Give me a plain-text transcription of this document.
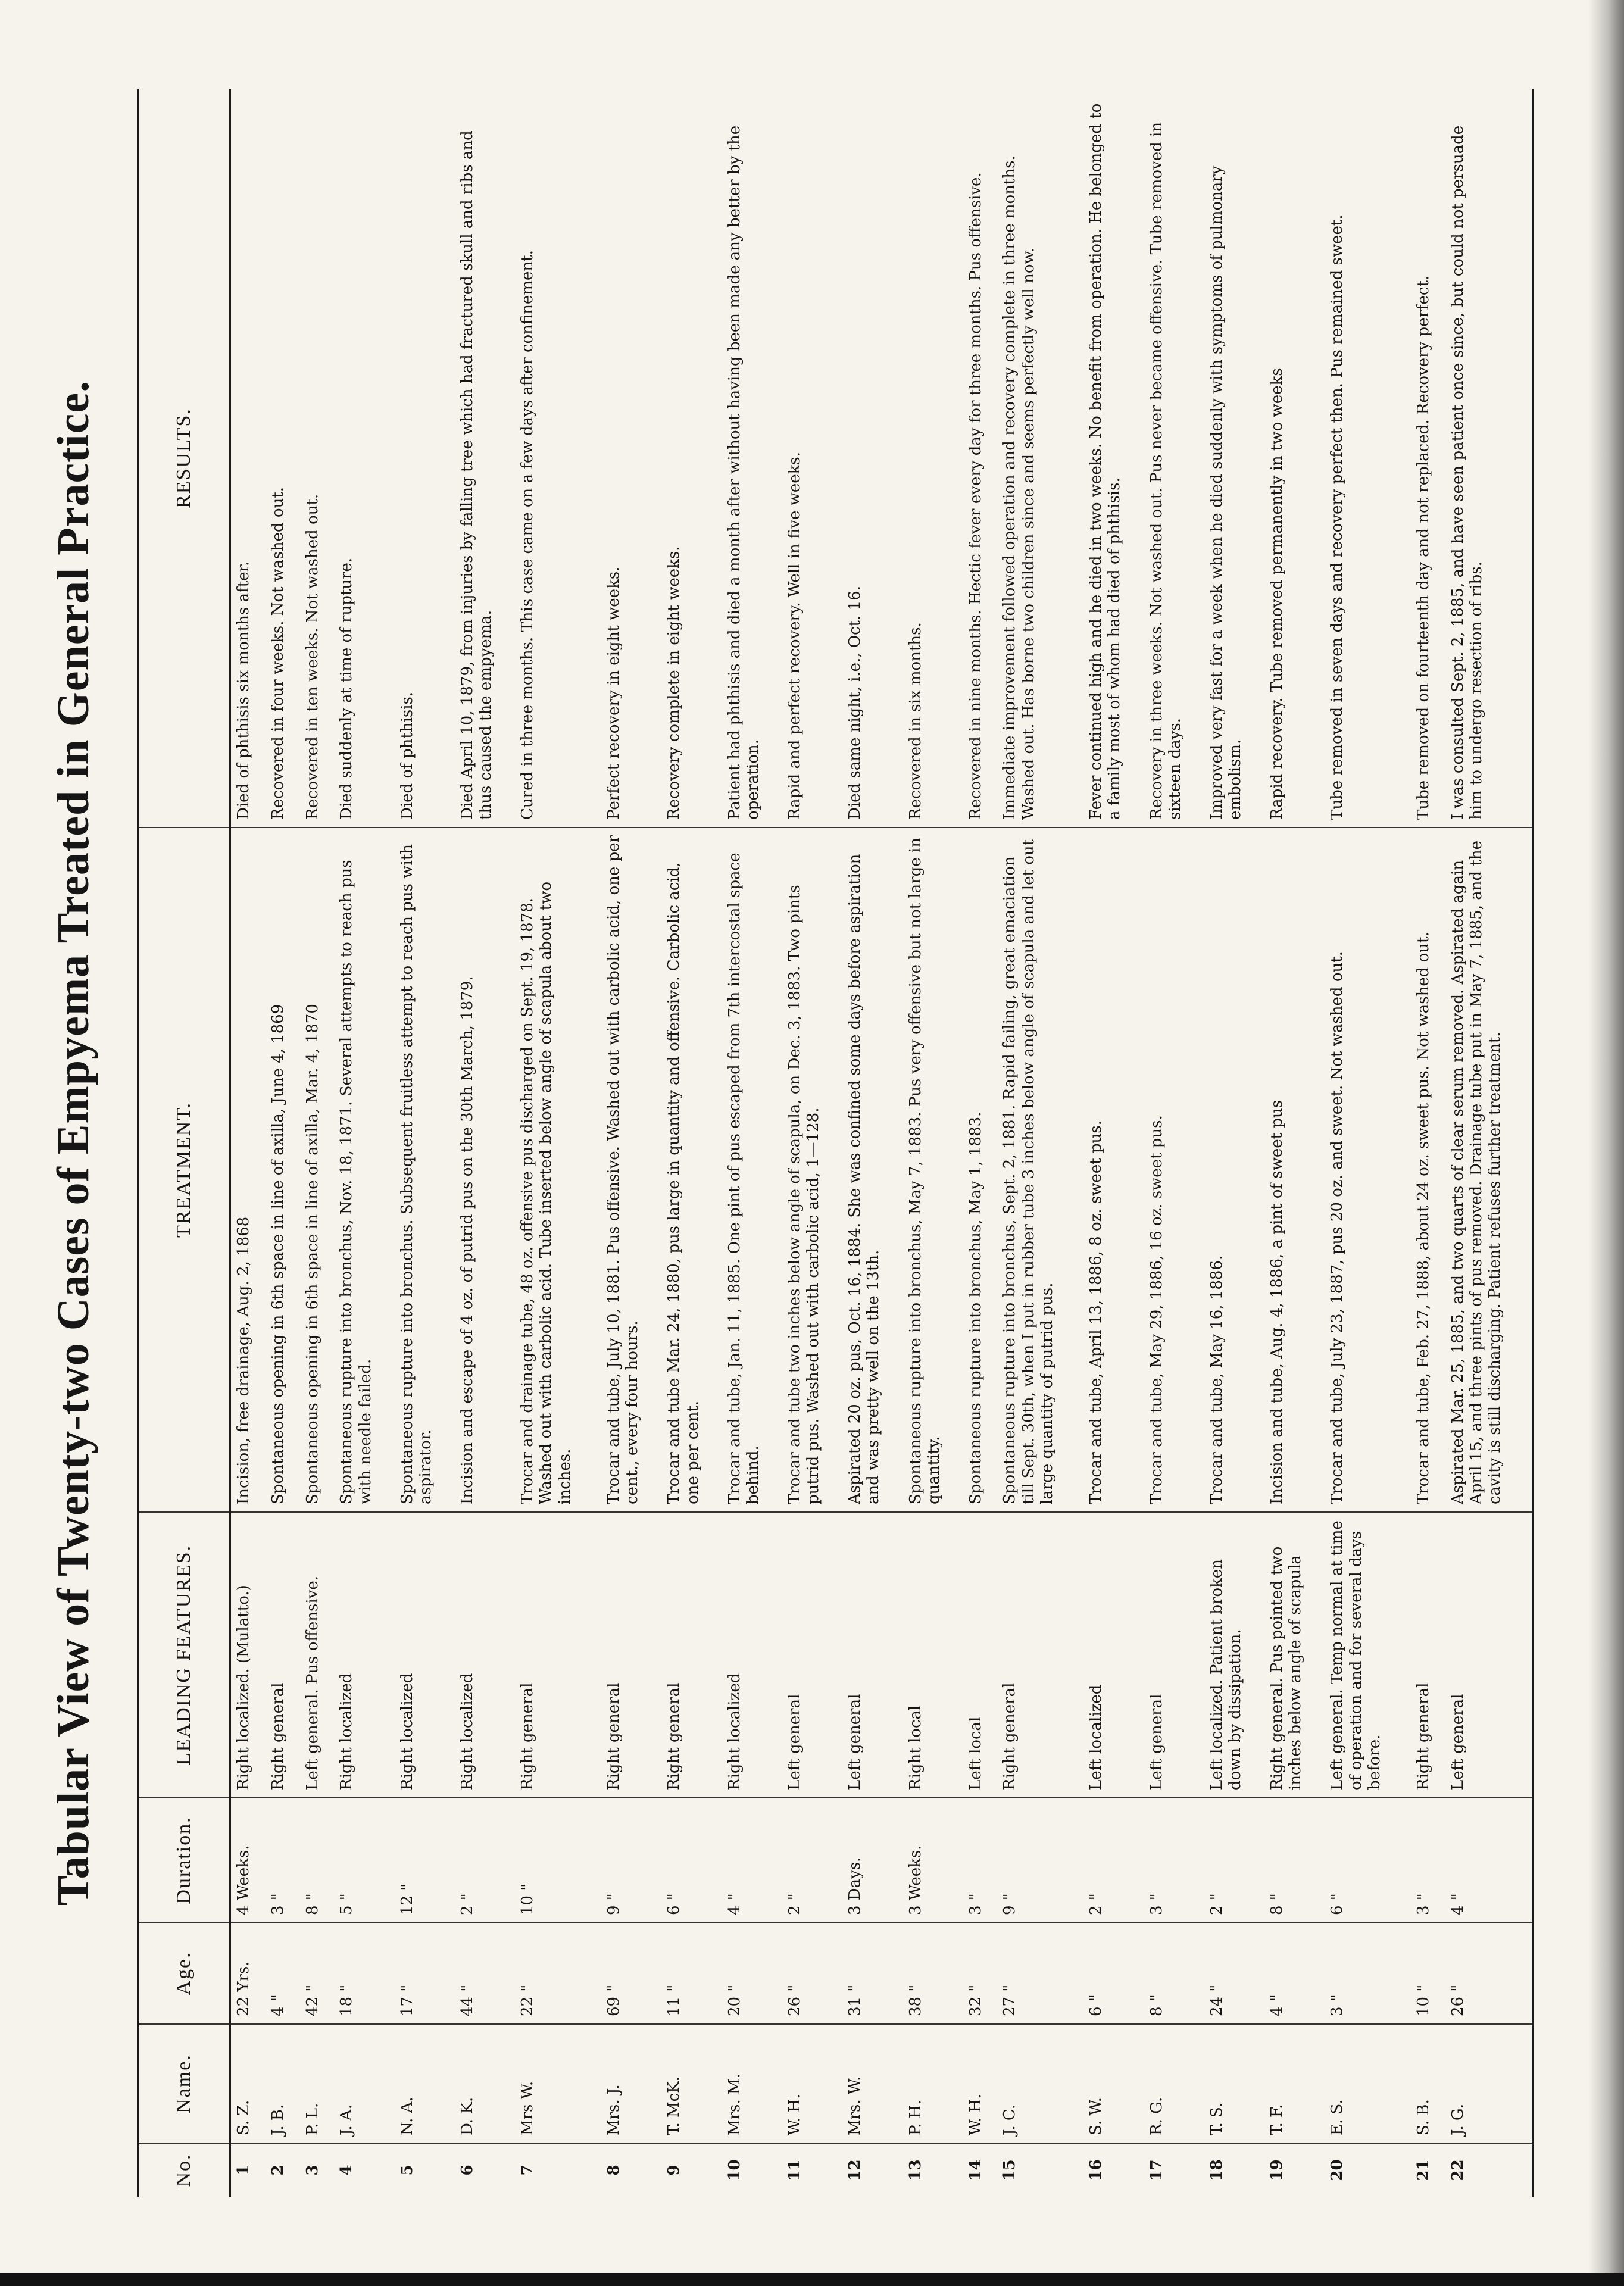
Tabular View of Twenty-two Cases of Empyema Treated in General Practice.
No.	Name.	Age.	Duration.	LEADING FEATURES.	TREATMENT.	RESULTS.
1	S. Z.	22 Yrs.	4 Weeks.	Right localized. (Mulatto.)	Incision, free drainage, Aug. 2, 1868	Died of phthisis six months after.
2	J. B.	4 "	3 "	Right general	Spontaneous opening in 6th space in line of axilla, June 4, 1869	Recovered in four weeks. Not washed out.
3	P. L.	42 "	8 "	Left general. Pus offensive.	Spontaneous opening in 6th space in line of axilla, Mar. 4, 1870	Recovered in ten weeks. Not washed out.
4	J. A.	18 "	5 "	Right localized	Spontaneous rupture into bronchus, Nov. 18, 1871. Several attempts to reach pus with needle failed.	Died suddenly at time of rupture.
5	N. A.	17 "	12 "	Right localized	Spontaneous rupture into bronchus. Subsequent fruitless attempt to reach pus with aspirator.	Died of phthisis.
6	D. K.	44 "	2 "	Right localized	Incision and escape of 4 oz. of putrid pus on the 30th March, 1879.	Died April 10, 1879, from injuries by falling tree which had fractured skull and ribs and thus caused the empyema.
7	Mrs W.	22 "	10 "	Right general	Trocar and drainage tube, 48 oz. offensive pus discharged on Sept. 19, 1878. Washed out with carbolic acid. Tube inserted below angle of scapula about two inches.	Cured in three months. This case came on a few days after confinement.
8	Mrs. J.	69 "	9 "	Right general	Trocar and tube, July 10, 1881. Pus offensive. Washed out with carbolic acid, one per cent., every four hours.	Perfect recovery in eight weeks.
9	T. McK.	11 "	6 "	Right general	Trocar and tube Mar. 24, 1880, pus large in quantity and offensive. Carbolic acid, one per cent.	Recovery complete in eight weeks.
10	Mrs. M.	20 "	4 "	Right localized	Trocar and tube, Jan. 11, 1885. One pint of pus escaped from 7th intercostal space behind.	Patient had phthisis and died a month after without having been made any better by the operation.
11	W. H.	26 "	2 "	Left general	Trocar and tube two inches below angle of scapula, on Dec. 3, 1883. Two pints putrid pus. Washed out with carbolic acid, 1—128.	Rapid and perfect recovery. Well in five weeks.
12	Mrs. W.	31 "	3 Days.	Left general	Aspirated 20 oz. pus, Oct. 16, 1884. She was confined some days before aspiration and was pretty well on the 13th.	Died same night, i.e., Oct. 16.
13	P. H.	38 "	3 Weeks.	Right local	Spontaneous rupture into bronchus, May 7, 1883. Pus very offensive but not large in quantity.	Recovered in six months.
14	W. H.	32 "	3 "	Left local	Spontaneous rupture into bronchus, May 1, 1883.	Recovered in nine months. Hectic fever every day for three months. Pus offensive.
15	J. C.	27 "	9 "	Right general	Spontaneous rupture into bronchus, Sept. 2, 1881. Rapid failing, great emaciation till Sept. 30th, when I put in rubber tube 3 inches below angle of scapula and let out large quantity of putrid pus.	Immediate improvement followed operation and recovery complete in three months. Washed out. Has borne two children since and seems perfectly well now.
16	S. W.	6 "	2 "	Left localized	Trocar and tube, April 13, 1886, 8 oz. sweet pus.	Fever continued high and he died in two weeks. No benefit from operation. He belonged to a family most of whom had died of phthisis.
17	R. G.	8 "	3 "	Left general	Trocar and tube, May 29, 1886, 16 oz. sweet pus.	Recovery in three weeks. Not washed out. Pus never became offensive. Tube removed in sixteen days.
18	T. S.	24 "	2 "	Left localized. Patient broken down by dissipation.	Trocar and tube, May 16, 1886.	Improved very fast for a week when he died suddenly with symptoms of pulmonary embolism.
19	T. F.	4 "	8 "	Right general. Pus pointed two inches below angle of scapula	Incision and tube, Aug. 4, 1886, a pint of sweet pus	Rapid recovery. Tube removed permanently in two weeks
20	E. S.	3 "	6 "	Left general. Temp normal at time of operation and for several days before.	Trocar and tube, July 23, 1887, pus 20 oz. and sweet. Not washed out.	Tube removed in seven days and recovery perfect then. Pus remained sweet.
21	S. B.	10 "	3 "	Right general	Trocar and tube, Feb. 27, 1888, about 24 oz. sweet pus. Not washed out.	Tube removed on fourteenth day and not replaced. Recovery perfect.
22	J. G.	26 "	4 "	Left general	Aspirated Mar. 25, 1885, and two quarts of clear serum removed. Aspirated again April 15, and three pints of pus removed. Drainage tube put in May 7, 1885, and the cavity is still discharging. Patient refuses further treatment.	I was consulted Sept. 2, 1885, and have seen patient once since, but could not persuade him to undergo resection of ribs.
